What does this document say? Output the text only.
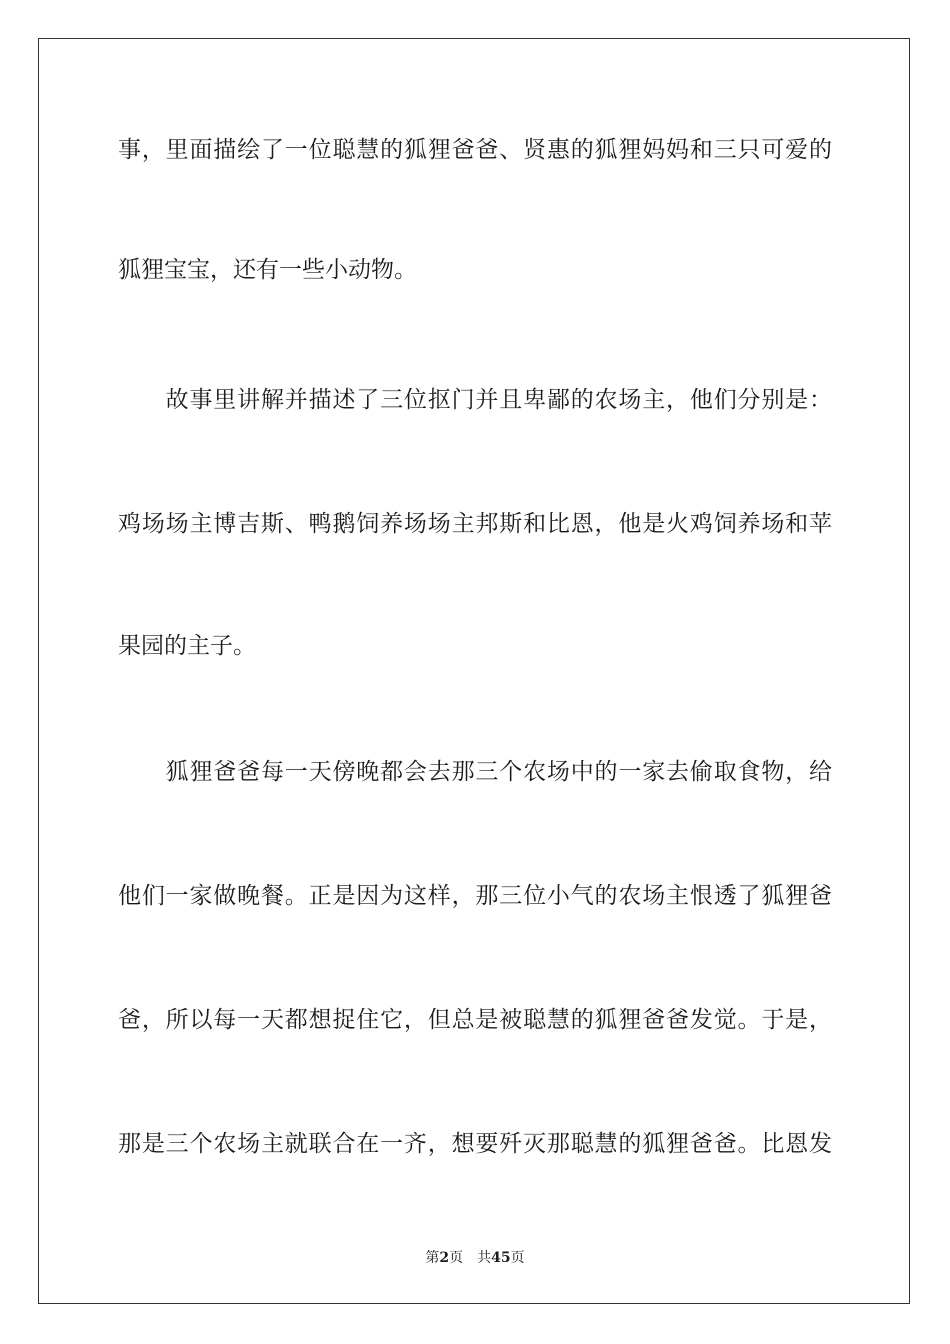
事，里面描绘了一位聪慧的狐狸爸爸、贤惠的狐狸妈妈和三只可爱的
狐狸宝宝，还有一些小动物。
　　故事里讲解并描述了三位抠门并且卑鄙的农场主，他们分别是：
鸡场场主博吉斯、鸭鹅饲养场场主邦斯和比恩，他是火鸡饲养场和苹
果园的主子。
　　狐狸爸爸每一天傍晚都会去那三个农场中的一家去偷取食物，给
他们一家做晚餐。正是因为这样，那三位小气的农场主恨透了狐狸爸
爸，所以每一天都想捉住它，但总是被聪慧的狐狸爸爸发觉。于是，
那是三个农场主就联合在一齐，想要歼灭那聪慧的狐狸爸爸。比恩发
第2页 共45页
